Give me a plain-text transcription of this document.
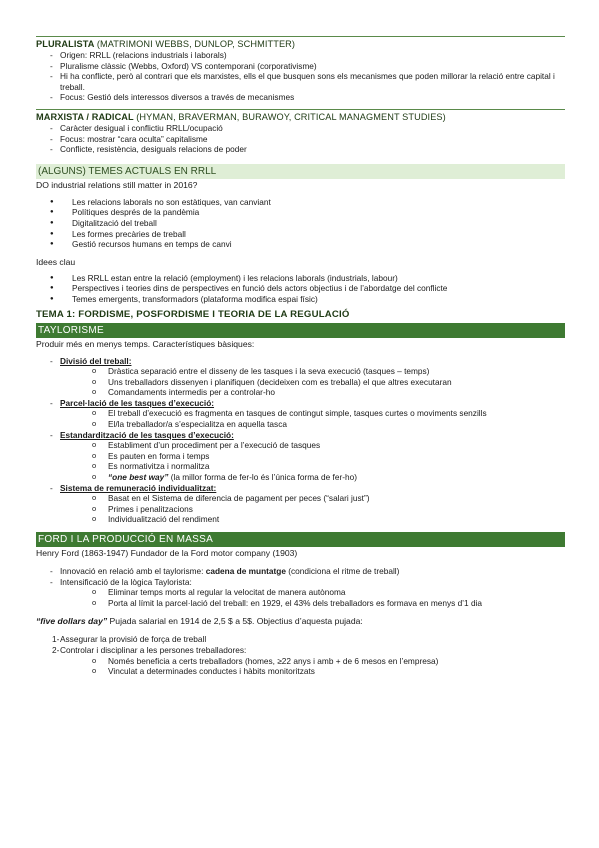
PLURALISTA (MATRIMONI WEBBS, DUNLOP, SCHMITTER)
- Origen: RRLL (relacions industrials i laborals)
- Pluralisme clàssic (Webbs, Oxford) VS contemporani (corporativisme)
- Hi ha conflicte, però al contrari que els marxistes, ells el que busquen sons els mecanismes que poden millorar la relació entre capital i treball.
- Focus: Gestió dels interessos diversos a través de mecanismes
MARXISTA / RADICAL (HYMAN, BRAVERMAN, BURAWOY, CRITICAL MANAGMENT STUDIES)
- Caràcter desigual i conflictiu RRLL/ocupació
- Focus: mostrar “cara oculta” capitalisme
- Conflicte, resistència, desiguals relacions de poder
(ALGUNS) TEMES ACTUALS EN RRLL
DO industrial relations still matter in 2016?
● Les relacions laborals no son estàtiques, van canviant
● Polítiques després de la pandèmia
● Digitalització del treball
● Les formes precàries de treball
● Gestió recursos humans en temps de canvi
Idees clau
● Les RRLL estan entre la relació (employment) i les relacions laborals (industrials, labour)
● Perspectives i teories dins de perspectives en funció dels actors objectius i de l’abordatge del conflicte
● Temes emergents, transformadors (plataforma modifica espai físic)
TEMA 1: FORDISME, POSFORDISME I TEORIA DE LA REGULACIÓ
TAYLORISME
Produir més en menys temps. Característiques bàsiques:
- Divisió del treball:
o Dràstica separació entre el disseny de les tasques i la seva execució (tasques – temps)
o Uns treballadors dissenyen i planifiquen (decideixen com es treballa) el que altres executaran
o Comandaments intermedis per a controlar-ho
- Parcel·lació de les tasques d’execució:
o El treball d’execució es fragmenta en tasques de contingut simple, tasques curtes o moviments senzills
o El/la treballador/a s’especialitza en aquella tasca
- Estandardització de les tasques d’execució:
o Establiment d’un procediment per a l’execució de tasques
o Es pauten en forma i temps
o Es normativitza i normalitza
o “one best way” (la millor forma de fer-lo és l’única forma de fer-ho)
- Sistema de remuneració individualitzat:
o Basat en el Sistema de diferencia de pagament per peces (“salari just”)
o Primes i penalitzacions
o Individualització del rendiment
FORD I LA PRODUCCIÓ EN MASSA
Henry Ford (1863-1947) Fundador de la Ford motor company (1903)
- Innovació en relació amb el taylorisme: cadena de muntatge (condiciona el ritme de treball)
- Intensificació de la lògica Taylorista:
o Eliminar temps morts al regular la velocitat de manera autònoma
o Porta al límit la parcel·lació del treball: en 1929, el 43% dels treballadors es formava en menys d’1 dia
“five dollars day” Pujada salarial en 1914 de 2,5 $ a 5$. Objectius d’aquesta pujada:
1- Assegurar la provisió de força de treball
2- Controlar i disciplinar a les persones treballadores:
o Només beneficia a certs treballadors (homes, ≥22 anys i amb + de 6 mesos en l’empresa)
o Vinculat a determinades conductes i hàbits monitoritzats
